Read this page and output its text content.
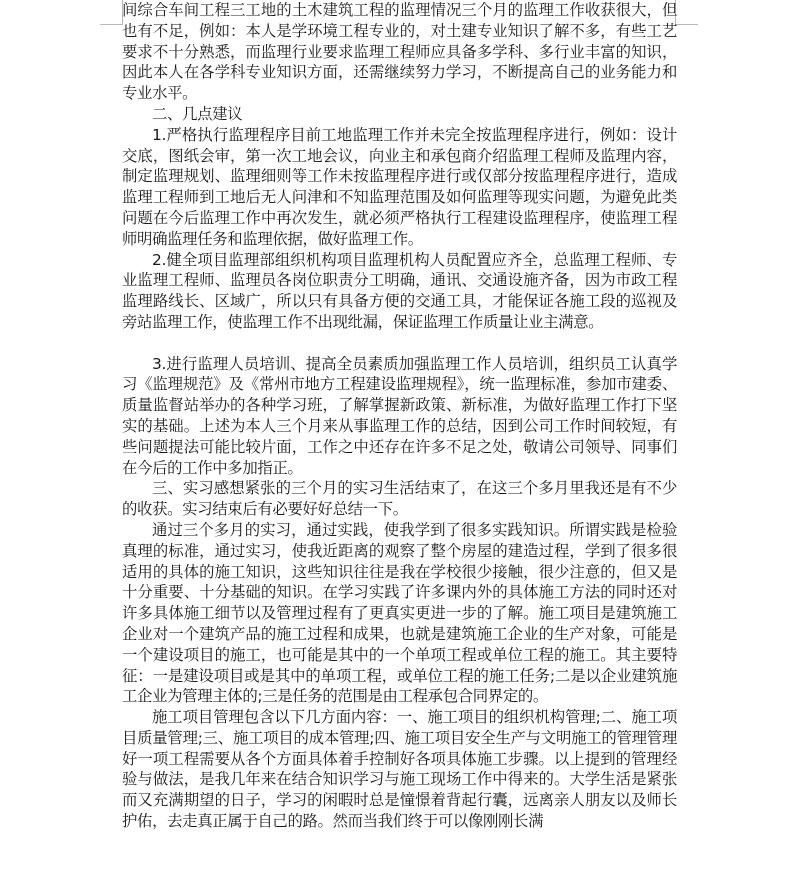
间综合车间工程三工地的土木建筑工程的监理情况三个月的监理工作收获很大，但也有不足，例如：本人是学环境工程专业的，对土建专业知识了解不多，有些工艺要求不十分熟悉，而监理行业要求监理工程师应具备多学科、多行业丰富的知识，因此本人在各学科专业知识方面，还需继续努力学习，不断提高自己的业务能力和专业水平。

二、几点建议

1.严格执行监理程序目前工地监理工作并未完全按监理程序进行，例如：设计交底，图纸会审，第一次工地会议，向业主和承包商介绍监理工程师及监理内容，制定监理规划、监理细则等工作未按监理程序进行或仅部分按监理程序进行，造成监理工程师到工地后无人问津和不知监理范围及如何监理等现实问题，为避免此类问题在今后监理工作中再次发生，就必须严格执行工程建设监理程序，使监理工程师明确监理任务和监理依据，做好监理工作。

2.健全项目监理部组织机构项目监理机构人员配置应齐全，总监理工程师、专业监理工程师、监理员各岗位职责分工明确，通讯、交通设施齐备，因为市政工程监理路线长、区域广，所以只有具备方便的交通工具，才能保证各施工段的巡视及旁站监理工作，使监理工作不出现纰漏，保证监理工作质量让业主满意。

3.进行监理人员培训、提高全员素质加强监理工作人员培训，组织员工认真学习《监理规范》及《常州市地方工程建设监理规程》，统一监理标准，参加市建委、质量监督站举办的各种学习班，了解掌握新政策、新标准，为做好监理工作打下坚实的基础。上述为本人三个月来从事监理工作的总结，因到公司工作时间较短，有些问题提法可能比较片面，工作之中还存在许多不足之处，敬请公司领导、同事们在今后的工作中多加指正。

三、实习感想紧张的三个月的实习生活结束了，在这三个多月里我还是有不少的收获。实习结束后有必要好好总结一下。

通过三个多月的实习，通过实践，使我学到了很多实践知识。所谓实践是检验真理的标准，通过实习，使我近距离的观察了整个房屋的建造过程，学到了很多很适用的具体的施工知识，这些知识往往是我在学校很少接触，很少注意的，但又是十分重要、十分基础的知识。在学习实践了许多课内外的具体施工方法的同时还对许多具体施工细节以及管理过程有了更真实更进一步的了解。施工项目是建筑施工企业对一个建筑产品的施工过程和成果，也就是建筑施工企业的生产对象，可能是一个建设项目的施工，也可能是其中的一个单项工程或单位工程的施工。其主要特征：一是建设项目或是其中的单项工程，或单位工程的施工任务;二是以企业建筑施工企业为管理主体的;三是任务的范围是由工程承包合同界定的。

施工项目管理包含以下几方面内容：一、施工项目的组织机构管理;二、施工项目质量管理;三、施工项目的成本管理;四、施工项目安全生产与文明施工的管理管理好一项工程需要从各个方面具体着手控制好各项具体施工步骤。以上提到的管理经验与做法，是我几年来在结合知识学习与施工现场工作中得来的。大学生活是紧张而又充满期望的日子，学习的闲暇时总是憧憬着背起行囊，远离亲人朋友以及师长护佑，去走真正属于自己的路。然而当我们终于可以像刚刚长满
